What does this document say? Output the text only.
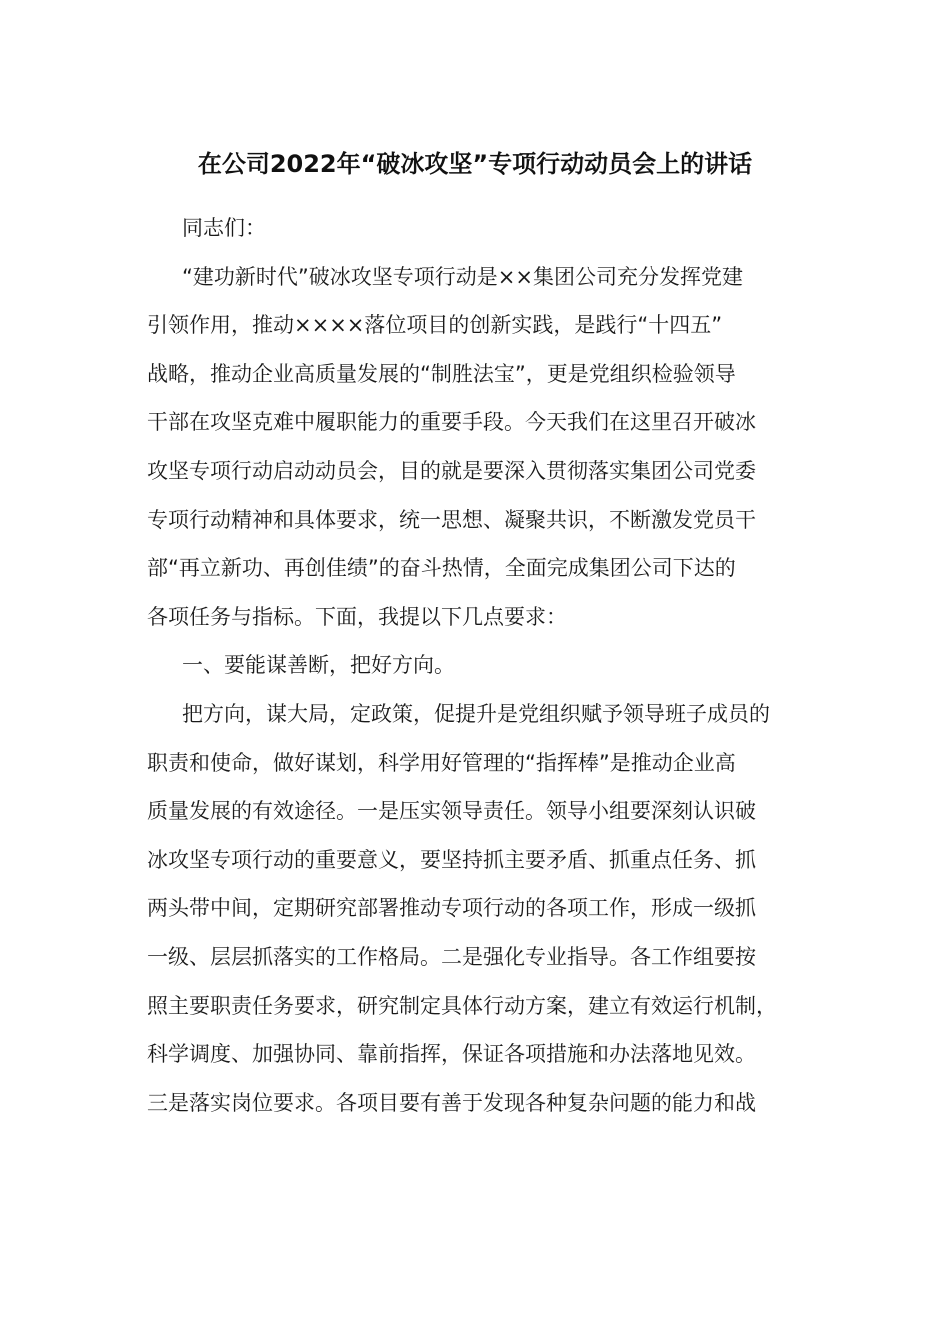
在公司2022年“破冰攻坚”专项行动动员会上的讲话
同志们：
“建功新时代”破冰攻坚专项行动是××集团公司充分发挥党建
引领作用，推动××××落位项目的创新实践，是践行“十四五”
战略，推动企业高质量发展的“制胜法宝”，更是党组织检验领导
干部在攻坚克难中履职能力的重要手段。今天我们在这里召开破冰
攻坚专项行动启动动员会，目的就是要深入贯彻落实集团公司党委
专项行动精神和具体要求，统一思想、凝聚共识，不断激发党员干
部“再立新功、再创佳绩”的奋斗热情，全面完成集团公司下达的
各项任务与指标。下面，我提以下几点要求：
一、要能谋善断，把好方向。
把方向，谋大局，定政策，促提升是党组织赋予领导班子成员的
职责和使命，做好谋划，科学用好管理的“指挥棒”是推动企业高
质量发展的有效途径。一是压实领导责任。领导小组要深刻认识破
冰攻坚专项行动的重要意义，要坚持抓主要矛盾、抓重点任务、抓
两头带中间，定期研究部署推动专项行动的各项工作，形成一级抓
一级、层层抓落实的工作格局。二是强化专业指导。各工作组要按
照主要职责任务要求，研究制定具体行动方案，建立有效运行机制，
科学调度、加强协同、靠前指挥，保证各项措施和办法落地见效。
三是落实岗位要求。各项目要有善于发现各种复杂问题的能力和战
